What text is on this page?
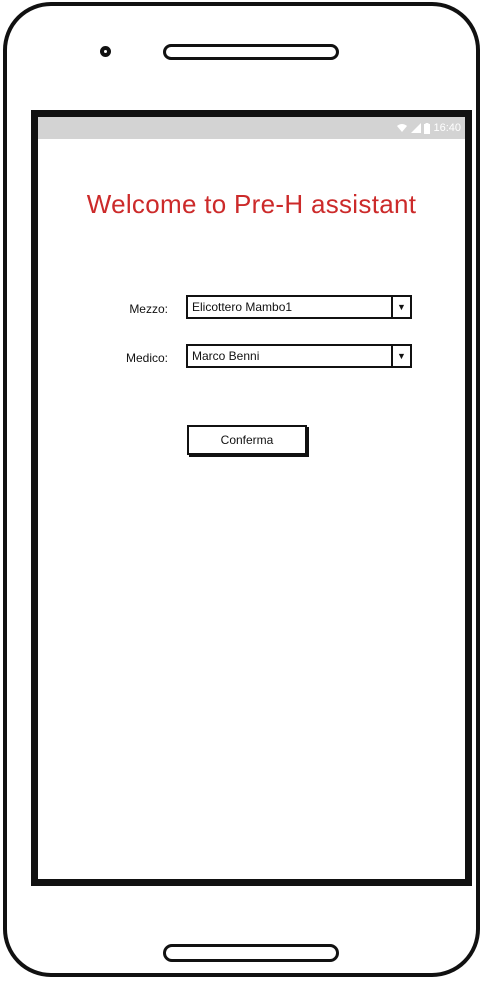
16:40
Welcome to Pre-H assistant
Mezzo: Elicottero Mambo1	▼
Medico: Marco Benni	▼
Conferma
